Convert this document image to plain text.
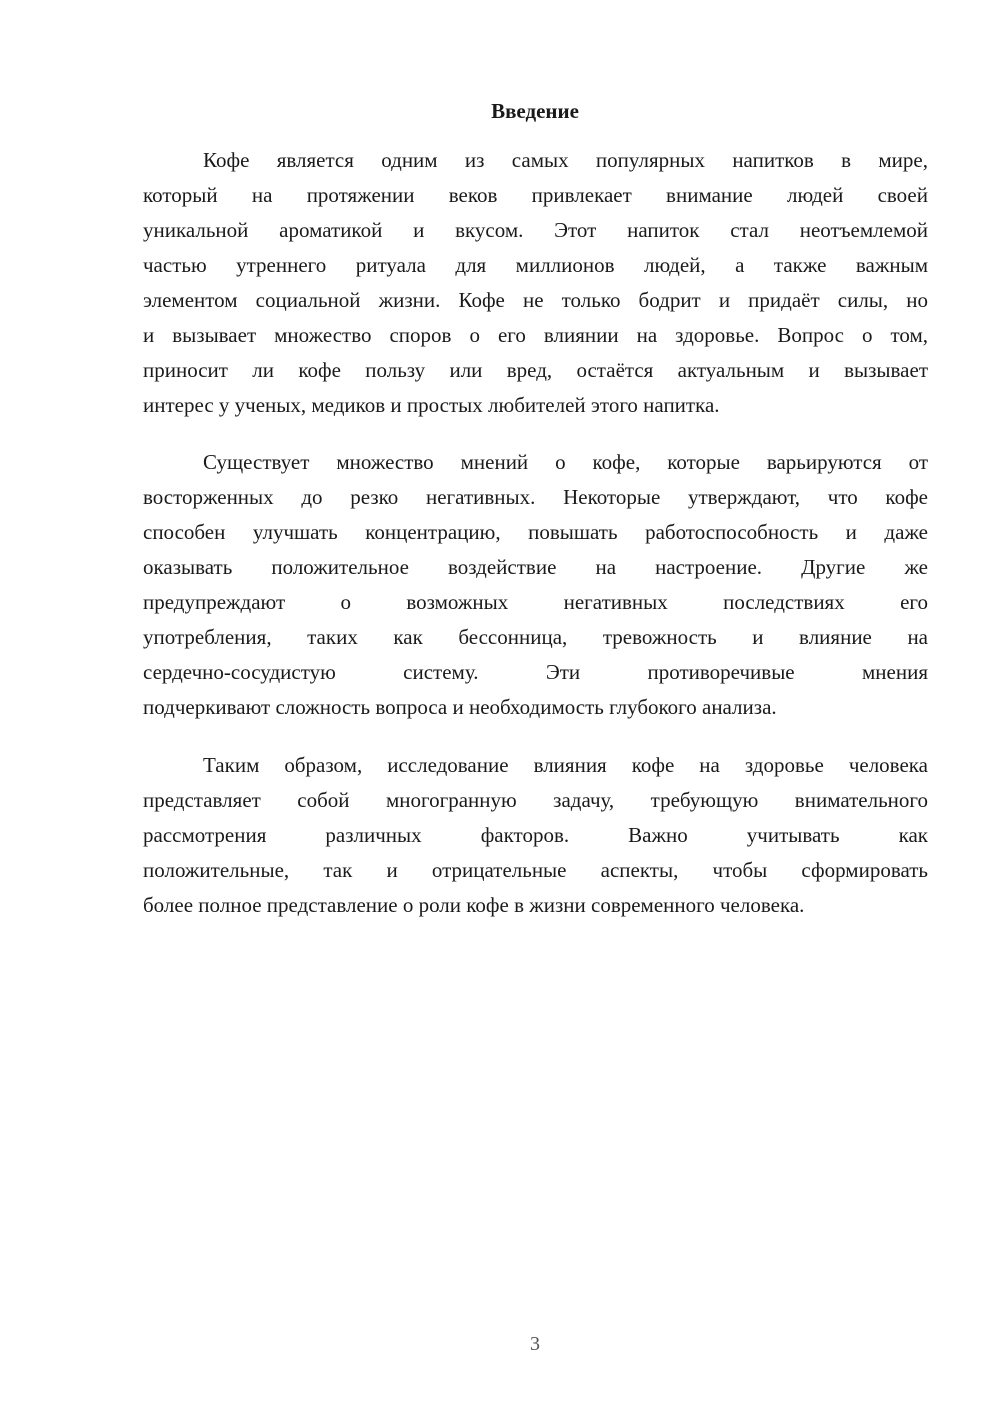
Введение
Кофе является одним из самых популярных напитков в мире,
который на протяжении веков привлекает внимание людей своей
уникальной ароматикой и вкусом. Этот напиток стал неотъемлемой
частью утреннего ритуала для миллионов людей, а также важным
элементом социальной жизни. Кофе не только бодрит и придаёт силы, но
и вызывает множество споров о его влиянии на здоровье. Вопрос о том,
приносит ли кофе пользу или вред, остаётся актуальным и вызывает
интерес у ученых, медиков и простых любителей этого напитка.
Существует множество мнений о кофе, которые варьируются от
восторженных до резко негативных. Некоторые утверждают, что кофе
способен улучшать концентрацию, повышать работоспособность и даже
оказывать положительное воздействие на настроение. Другие же
предупреждают о возможных негативных последствиях его
употребления, таких как бессонница, тревожность и влияние на
сердечно-сосудистую систему. Эти противоречивые мнения
подчеркивают сложность вопроса и необходимость глубокого анализа.
Таким образом, исследование влияния кофе на здоровье человека
представляет собой многогранную задачу, требующую внимательного
рассмотрения различных факторов. Важно учитывать как
положительные, так и отрицательные аспекты, чтобы сформировать
более полное представление о роли кофе в жизни современного человека.
3
